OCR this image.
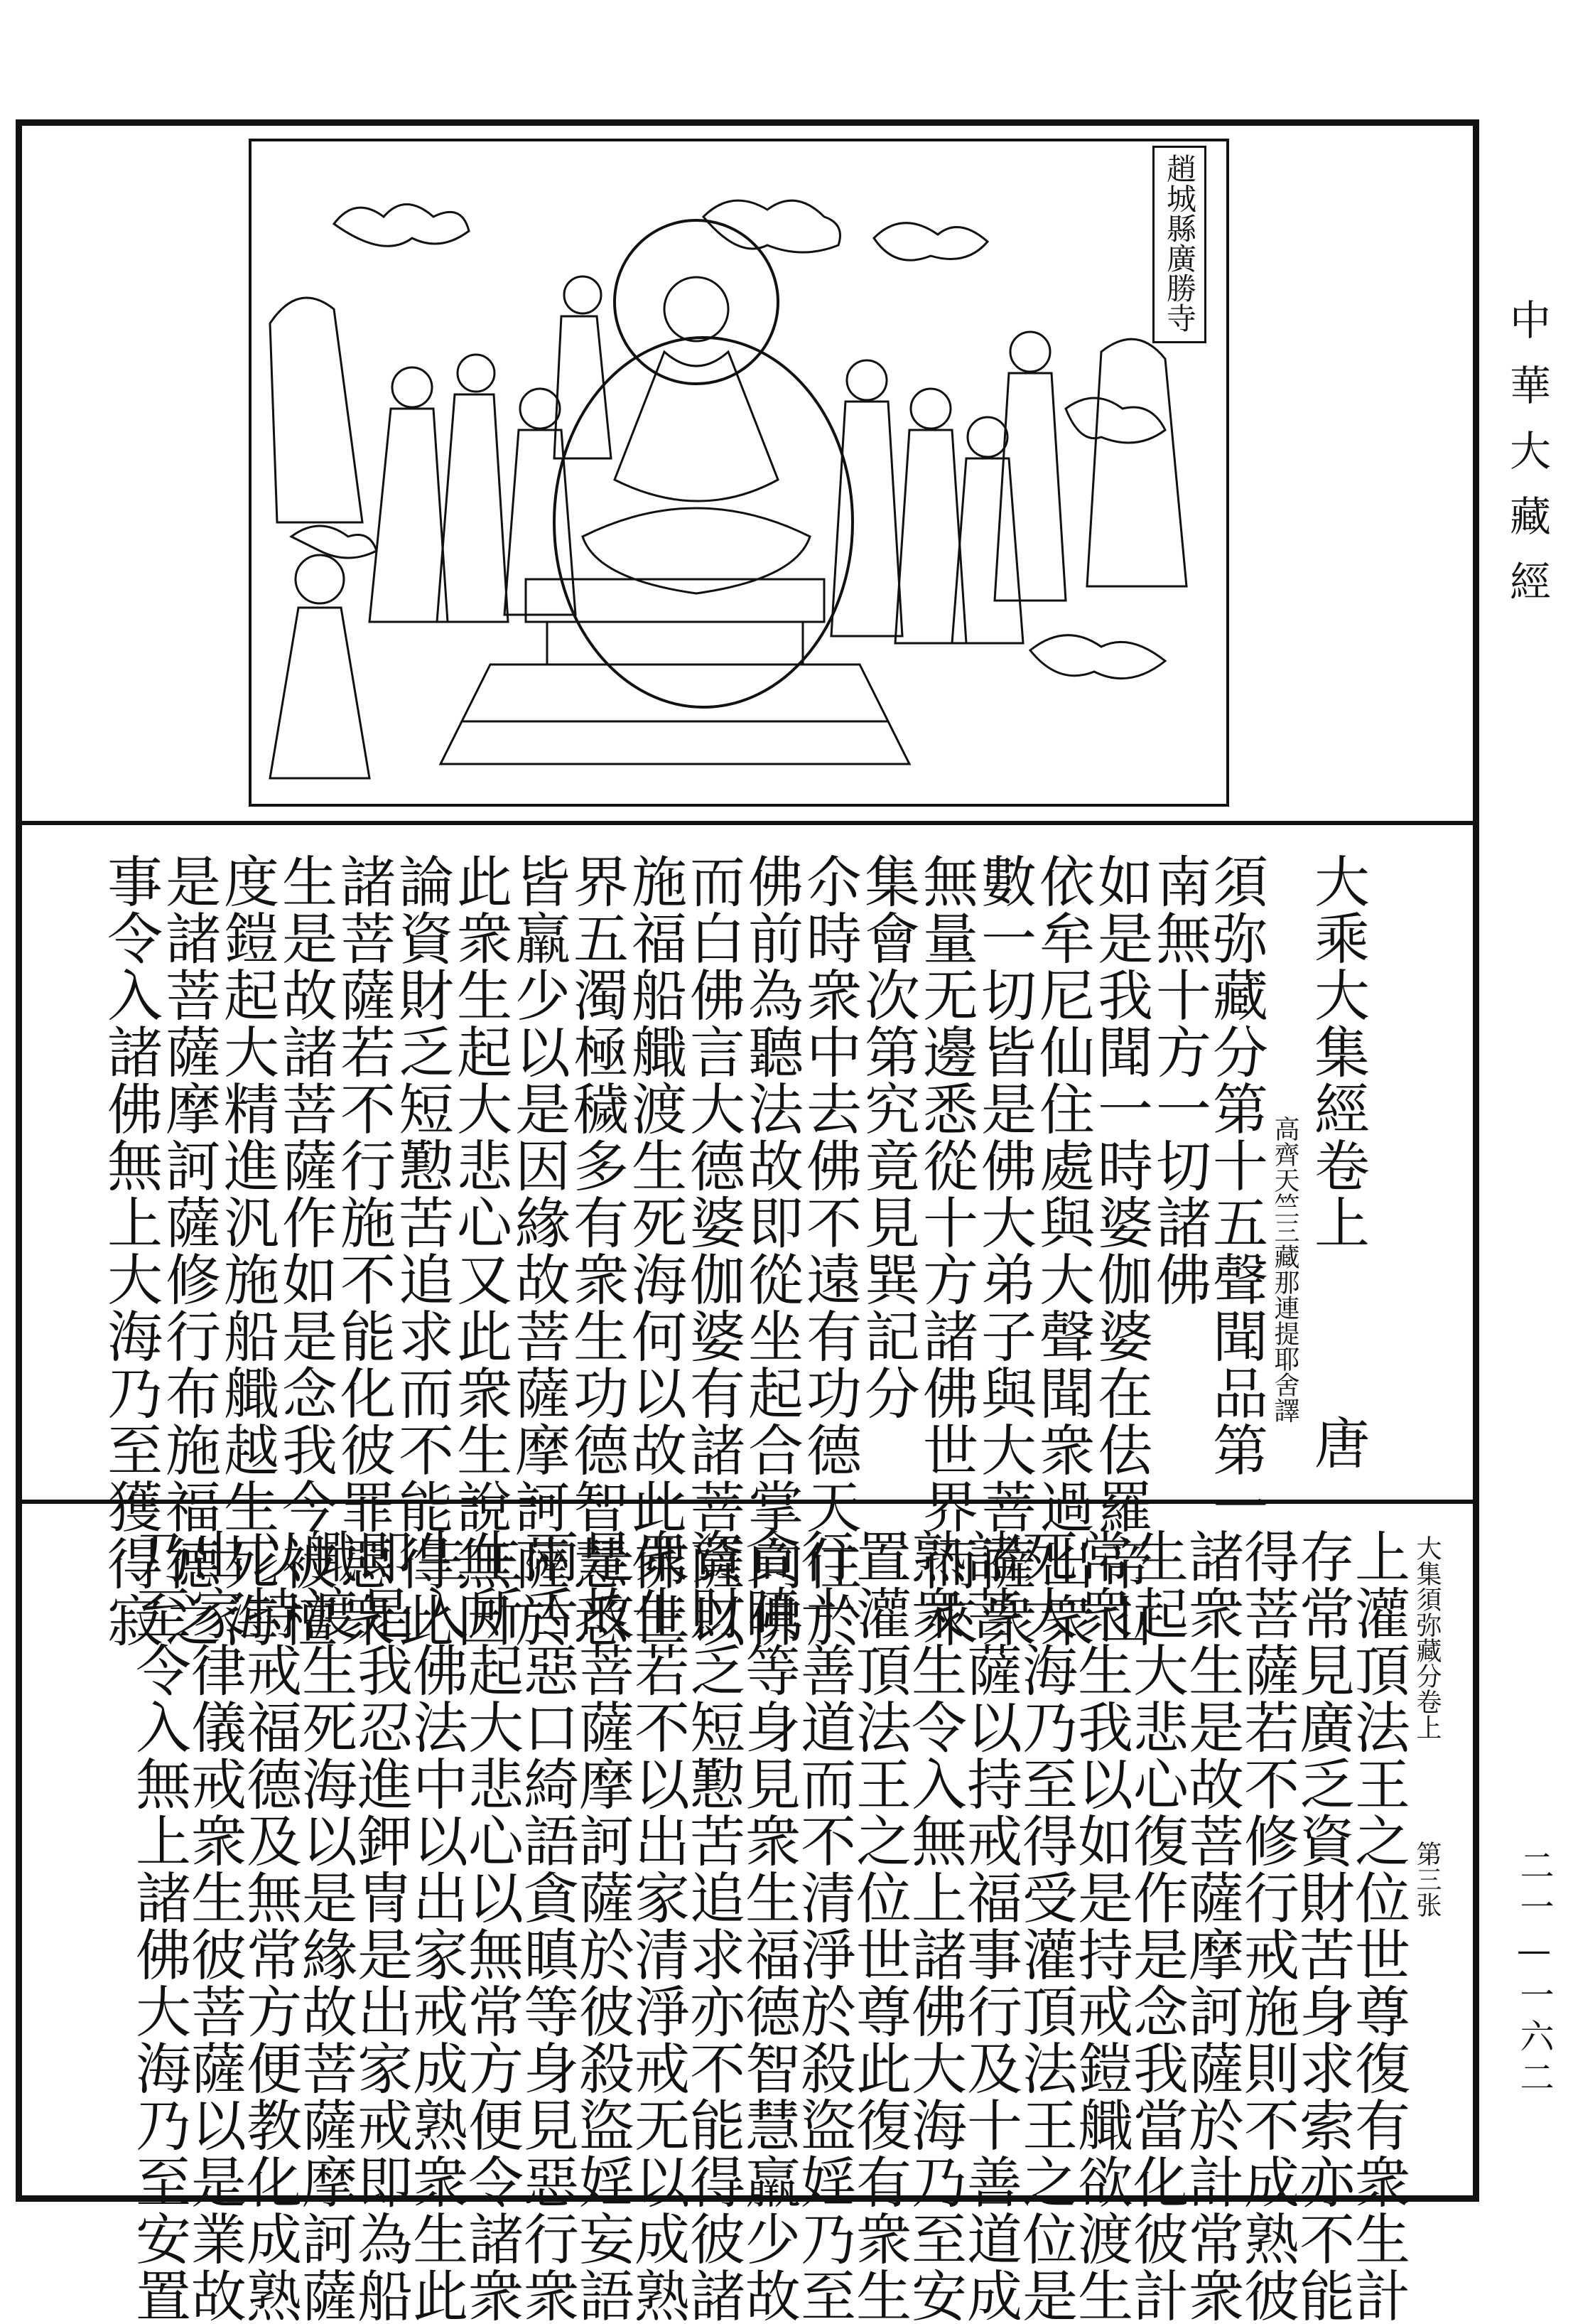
中華大藏經
二一—一六二
趙城縣廣勝寺
大乘大集經卷上
唐
高齊天竺三藏那連提耶舍譯
須弥藏分第十五聲聞品第一
南無十方一切諸佛
如是我聞一時婆伽婆在佉羅帝山
依牟尼仙住處與大聲聞衆過出衆
數一切皆是佛大弟子與大菩薩衆
無量无邊悉從十方諸佛世界而來
集會次第究竟見巽記分
尒時衆中去佛不遠有功德天住於
佛前為聽法故即從坐起合掌向佛
而白佛言大德婆伽婆有諸菩薩以
施福船艥渡生死海何以故此佛世
界五濁極穢多有衆生功德智慧悉
皆羸少以是因緣故菩薩摩訶薩於
此衆生起大悲心又此衆生說無因
論資財乏短懃苦追求而不能得此
諸菩薩若不行施不能化彼罪惡衆
生是故諸菩薩作如是念我今被檀
度鎧起大精進汎施船艥越生死海
是諸菩薩摩訶薩修行布施福德之
事令入諸佛無上大海乃至獲得寂	大集須弥藏分卷上
第三张
上灌頂法王之位世尊復有衆生計
存常見廣乏資財苦身求索亦不能
得菩薩若不修行戒施則不成熟彼
諸衆生是故菩薩摩訶薩於計常衆
生起大悲心復作是念我當化彼計
常衆生我以如是持戒鎧艥欲渡生
死大海乃至得受灌頂法王之位是
諸菩薩以持戒福事行及十善道成
熟衆生令入無上諸佛大海乃至安
置灌頂法王之位世尊此復有衆生
行十善道而不清淨於殺盜婬乃至
貪瞋等身見衆生福德智慧羸少故
資財乏短懃苦追求亦不能得彼諸
衆生若不以出家清淨戒无以成熟
是故菩薩摩訶薩於彼殺盜婬妄語
兩舌惡口綺語貪瞋等身見惡行衆
生所起大悲心以無常方便令諸衆
生入佛法中以出家戒成熟衆生此
即是我忍進鉀冑是出家戒即為船
艥渡生死海以是緣故菩薩摩訶薩
以持戒福德及無常方便教化成熟
出家律儀戒衆生彼菩薩以是業故
乃至令入無上諸佛大海乃至安置
